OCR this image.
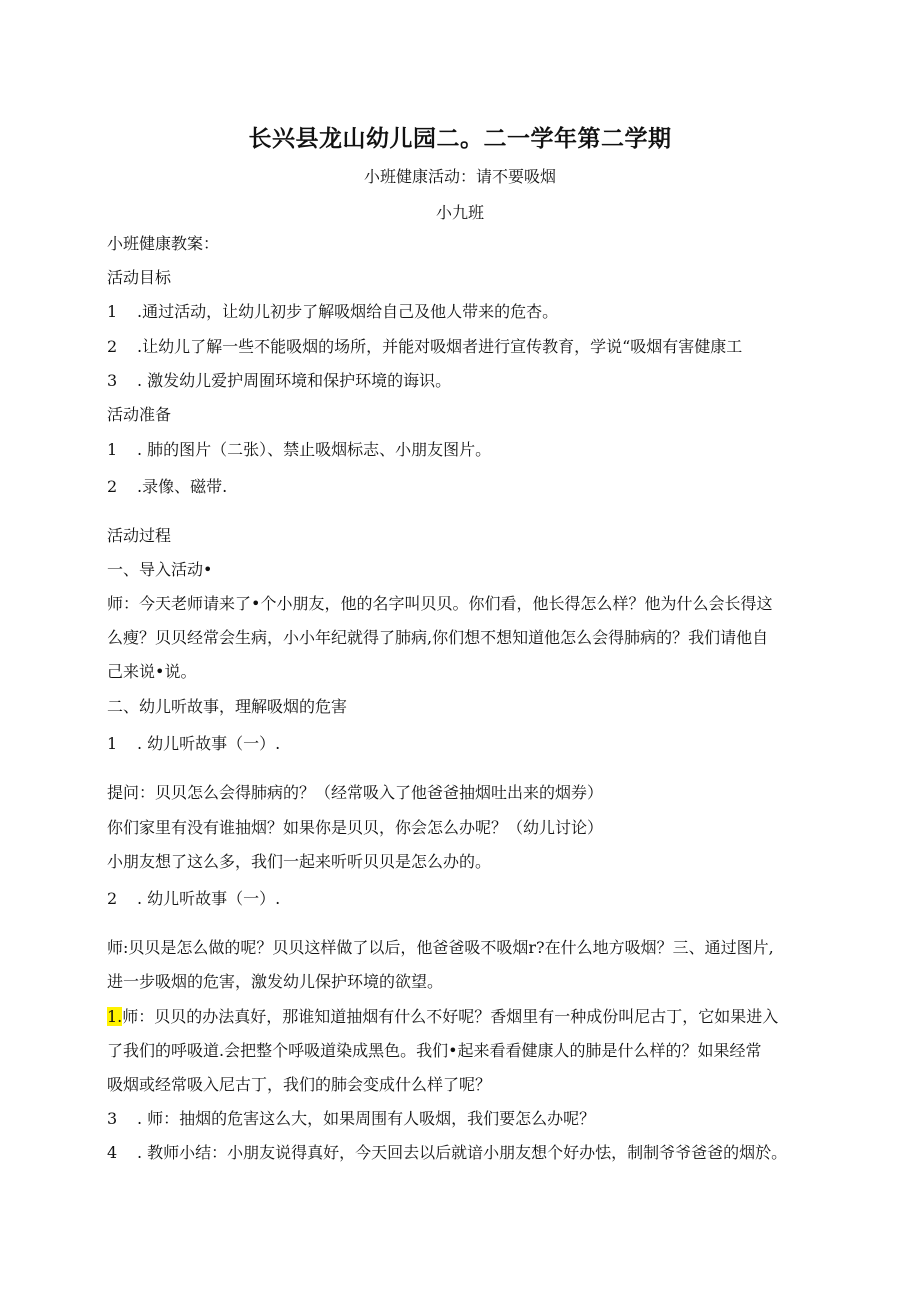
长兴县龙山幼儿园二。二一学年第二学期
小班健康活动：请不要吸烟
小九班
小班健康教案：
活动目标
1 .通过活动，让幼儿初步了解吸烟给自己及他人带来的危杏。
2 .让幼儿了解一些不能吸烟的场所，并能对吸烟者进行宣传教育，学说“吸烟有害健康工
3 . 激发幼儿爱护周囿环境和保护环境的诲识。
活动准备
1 . 肺的图片（二张）、禁止吸烟标志、小朋友图片。
2 .录像、磁带.
活动过程
一、导入活动•
师：今天老师请来了•个小朋友，他的名字叫贝贝。你们看，他长得怎么样？他为什么会长得这
么瘦？贝贝经常会生病，小小年纪就得了肺病,你们想不想知道他怎么会得肺病的？我们请他自
己来说•说。
二、幼儿听故事，理解吸烟的危害
1 . 幼儿听故事（一）.
提问：贝贝怎么会得肺病的？（经常吸入了他爸爸抽烟吐出来的烟券）
你们家里有没有谁抽烟？如果你是贝贝，你会怎么办呢？（幼儿讨论）
小朋友想了这么多，我们一起来听听贝贝是怎么办的。
2 . 幼儿听故事（一）.
师:贝贝是怎么做的呢？贝贝这样做了以后，他爸爸吸不吸烟r?在什么地方吸烟？三、通过图片,
进一步吸烟的危害，激发幼儿保护环境的欲望。
1.师：贝贝的办法真好，那谁知道抽烟有什么不好呢？香烟里有一种成份叫尼古丁，它如果进入
了我们的呼吸道.会把整个呼吸道染成黑色。我们•起来看看健康人的肺是什么样的？如果经常
吸烟或经常吸入尼古丁，我们的肺会变成什么样了呢？
3 . 师：抽烟的危害这么大，如果周围有人吸烟，我们要怎么办呢？
4 . 教师小结：小朋友说得真好，今天回去以后就谙小朋友想个好办怯，制制爷爷爸爸的烟於。
